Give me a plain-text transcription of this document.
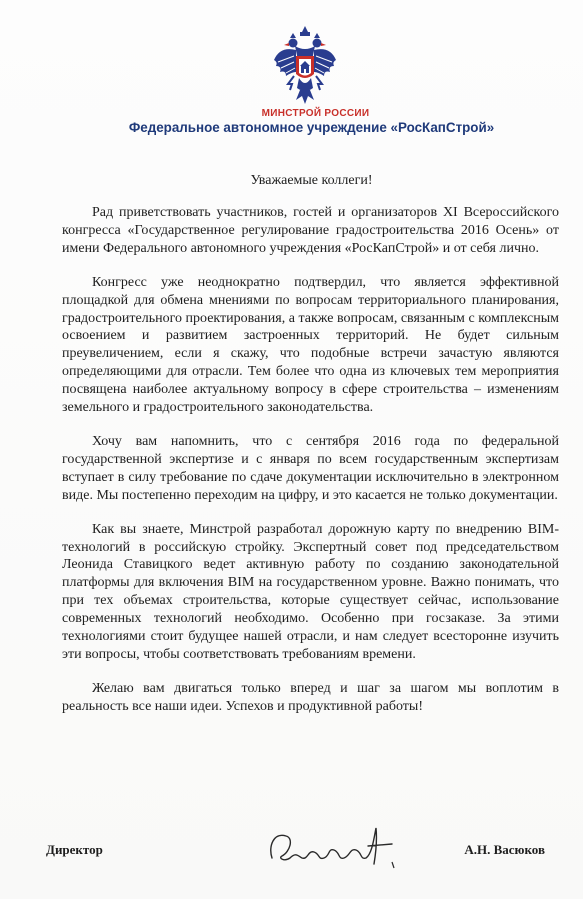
МИНСТРОЙ РОССИИ
Федеральное автономное учреждение «РосКапСтрой»
Уважаемые коллеги!

Рад приветствовать участников, гостей и организаторов XI Всероссийского конгресса «Государственное регулирование градостроительства 2016 Осень» от имени Федерального автономного учреждения «РосКапСтрой» и от себя лично.

Конгресс уже неоднократно подтвердил, что является эффективной площадкой для обмена мнениями по вопросам территориального планирования, градостроительного проектирования, а также вопросам, связанным с комплексным освоением и развитием застроенных территорий. Не будет сильным преувеличением, если я скажу, что подобные встречи зачастую являются определяющими для отрасли. Тем более что одна из ключевых тем мероприятия посвящена наиболее актуальному вопросу в сфере строительства – изменениям земельного и градостроительного законодательства.

Хочу вам напомнить, что с сентября 2016 года по федеральной государственной экспертизе и с января по всем государственным экспертизам вступает в силу требование по сдаче документации исключительно в электронном виде. Мы постепенно переходим на цифру, и это касается не только документации.

Как вы знаете, Минстрой разработал дорожную карту по внедрению BIM-технологий в российскую стройку. Экспертный совет под председательством Леонида Ставицкого ведет активную работу по созданию законодательной платформы для включения BIM на государственном уровне. Важно понимать, что при тех объемах строительства, которые существует сейчас, использование современных технологий необходимо. Особенно при госзаказе. За этими технологиями стоит будущее нашей отрасли, и нам следует всесторонне изучить эти вопросы, чтобы соответствовать требованиям времени.

Желаю вам двигаться только вперед и шаг за шагом мы воплотим в реальность все наши идеи. Успехов и продуктивной работы!

Директор	А.Н. Васюков
